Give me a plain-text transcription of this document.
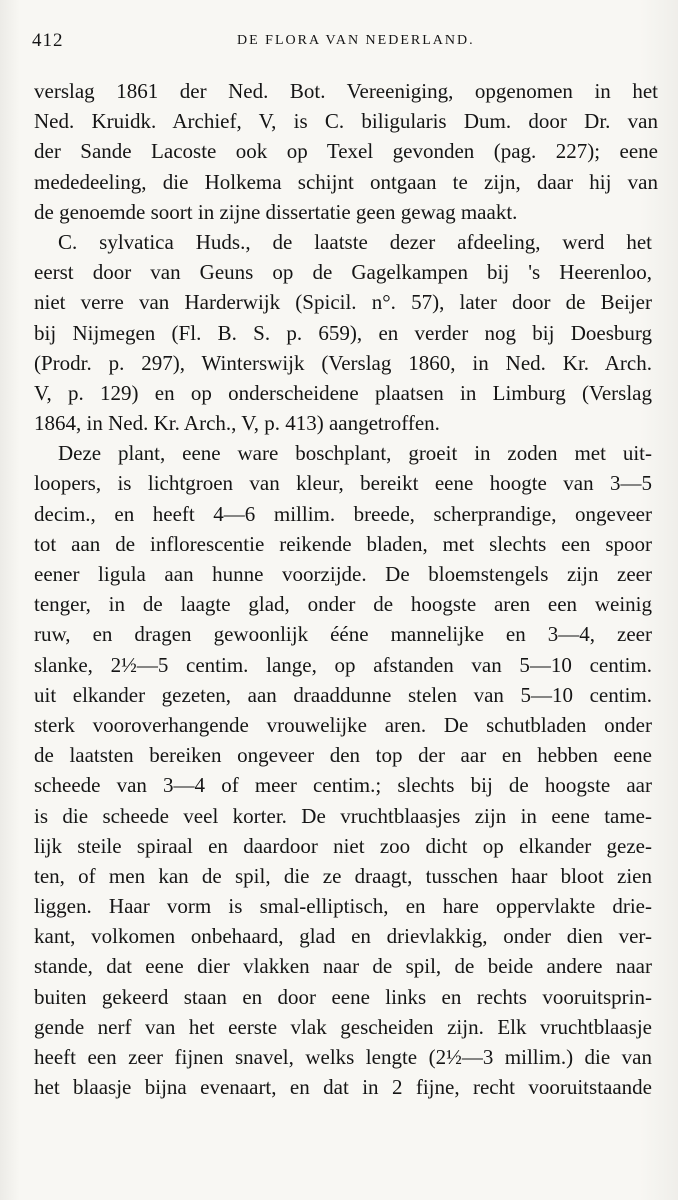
412	DE FLORA VAN NEDERLAND.
verslag 1861 der Ned. Bot. Vereeniging, opgenomen in het
Ned. Kruidk. Archief, V, is C. biligularis Dum. door Dr. van
der Sande Lacoste ook op Texel gevonden (pag. 227); eene
mededeeling, die Holkema schijnt ontgaan te zijn, daar hij van
de genoemde soort in zijne dissertatie geen gewag maakt.
C. sylvatica Huds., de laatste dezer afdeeling, werd het
eerst door van Geuns op de Gagelkampen bij 's Heerenloo,
niet verre van Harderwijk (Spicil. n°. 57), later door de Beijer
bij Nijmegen (Fl. B. S. p. 659), en verder nog bij Doesburg
(Prodr. p. 297), Winterswijk (Verslag 1860, in Ned. Kr. Arch.
V, p. 129) en op onderscheidene plaatsen in Limburg (Verslag
1864, in Ned. Kr. Arch., V, p. 413) aangetroffen.
Deze plant, eene ware boschplant, groeit in zoden met uit-
loopers, is lichtgroen van kleur, bereikt eene hoogte van 3—5
decim., en heeft 4—6 millim. breede, scherprandige, ongeveer
tot aan de inflorescentie reikende bladen, met slechts een spoor
eener ligula aan hunne voorzijde. De bloemstengels zijn zeer
tenger, in de laagte glad, onder de hoogste aren een weinig
ruw, en dragen gewoonlijk ééne mannelijke en 3—4, zeer
slanke, 2½—5 centim. lange, op afstanden van 5—10 centim.
uit elkander gezeten, aan draaddunne stelen van 5—10 centim.
sterk vooroverhangende vrouwelijke aren. De schutbladen onder
de laatsten bereiken ongeveer den top der aar en hebben eene
scheede van 3—4 of meer centim.; slechts bij de hoogste aar
is die scheede veel korter. De vruchtblaasjes zijn in eene tame-
lijk steile spiraal en daardoor niet zoo dicht op elkander geze-
ten, of men kan de spil, die ze draagt, tusschen haar bloot zien
liggen. Haar vorm is smal-elliptisch, en hare oppervlakte drie-
kant, volkomen onbehaard, glad en drievlakkig, onder dien ver-
stande, dat eene dier vlakken naar de spil, de beide andere naar
buiten gekeerd staan en door eene links en rechts vooruitsprin-
gende nerf van het eerste vlak gescheiden zijn. Elk vruchtblaasje
heeft een zeer fijnen snavel, welks lengte (2½—3 millim.) die van
het blaasje bijna evenaart, en dat in 2 fijne, recht vooruitstaande
